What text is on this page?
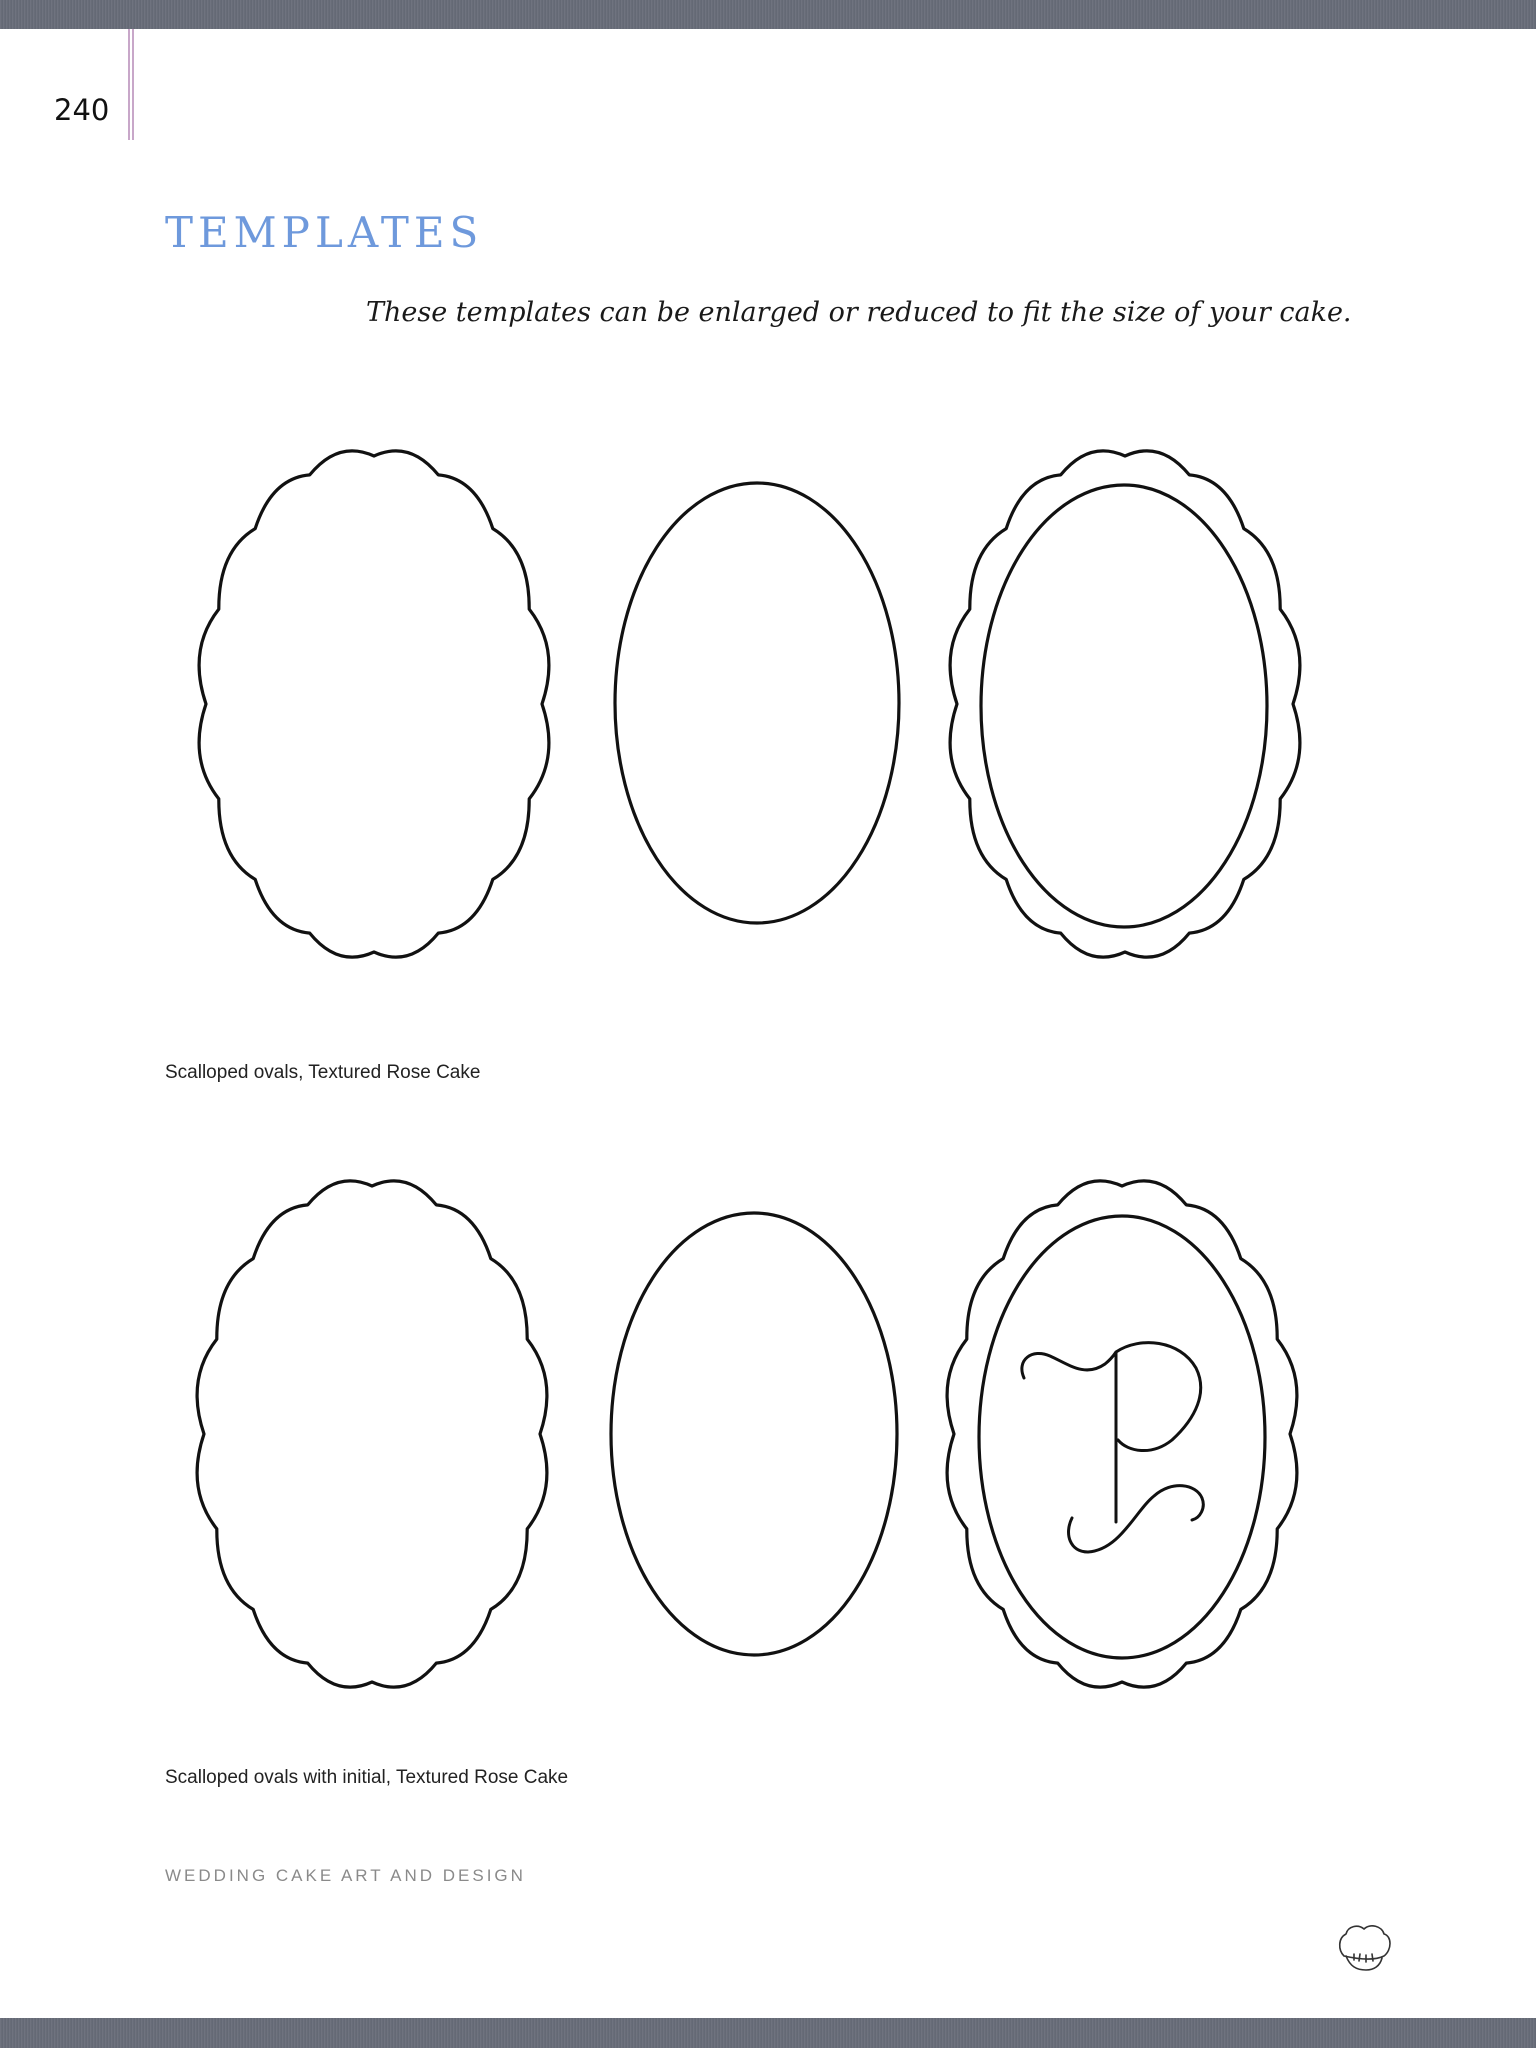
240
TEMPLATES
These templates can be enlarged or reduced to fit the size of your cake.
Scalloped ovals, Textured Rose Cake
Scalloped ovals with initial, Textured Rose Cake
WEDDING CAKE ART AND DESIGN
